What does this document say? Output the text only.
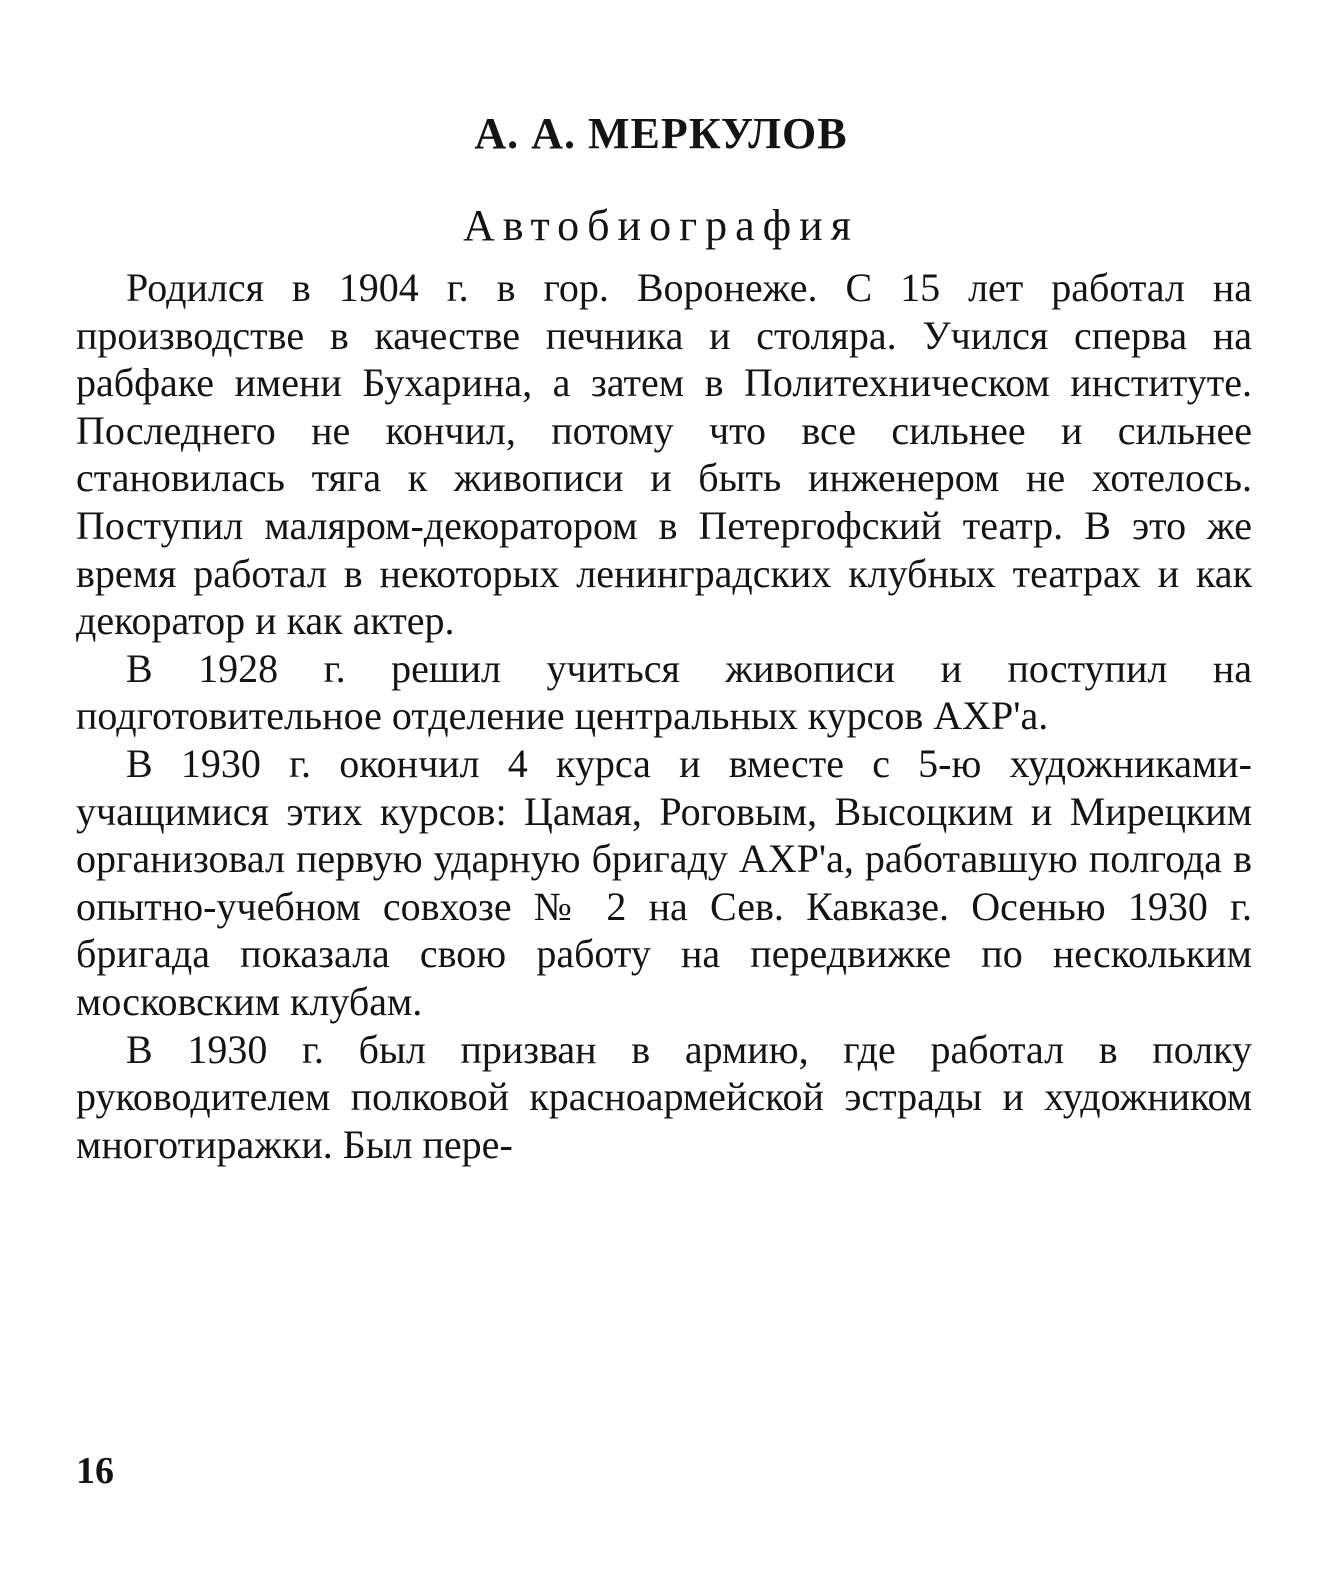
А. А. МЕРКУЛОВ
Автобиография

Родился в 1904 г. в гор. Воронеже. С 15 лет работал на производстве в качестве печника и столяра. Учился сперва на рабфаке имени Бухарина, а затем в Политехническом институте. Последнего не кончил, потому что все сильнее и сильнее становилась тяга к живописи и быть инженером не хотелось. Поступил маляром-декоратором в Петергофский театр. В это же время работал в некоторых ленинградских клубных театрах и как декоратор и как актер.

В 1928 г. решил учиться живописи и поступил на подготовительное отделение центральных курсов АХР'а.

В 1930 г. окончил 4 курса и вместе с 5-ю художниками-учащимися этих курсов: Цамая, Роговым, Высоцким и Мирецким организовал первую ударную бригаду АХР'а, работавшую полгода в опытно-учебном совхозе № 2 на Сев. Кавказе. Осенью 1930 г. бригада показала свою работу на передвижке по нескольким московским клубам.

В 1930 г. был призван в армию, где работал в полку руководителем полковой красноармейской эстрады и художником многотиражки. Был пере-

16
